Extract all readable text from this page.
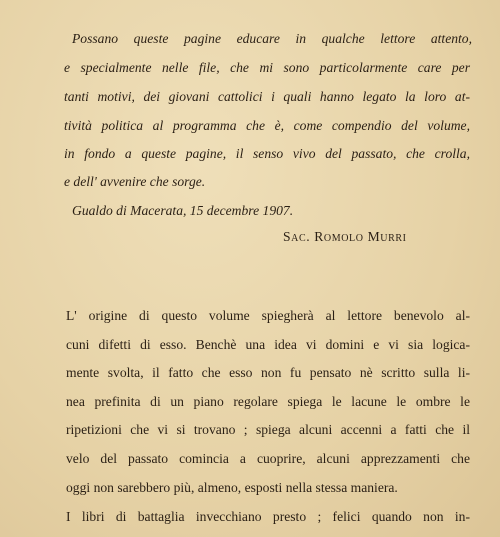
Possano queste pagine educare in qualche lettore attento,
e specialmente nelle file, che mi sono particolarmente care per
tanti motivi, dei giovani cattolici i quali hanno legato la loro at-
tività politica al programma che è, come compendio del volume,
in fondo a queste pagine, il senso vivo del passato, che crolla,
e dell' avvenire che sorge.
Gualdo di Macerata, 15 decembre 1907.
Sac. Romolo Murri
L' origine di questo volume spiegherà al lettore benevolo al-
cuni difetti di esso. Benchè una idea vi domini e vi sia logica-
mente svolta, il fatto che esso non fu pensato nè scritto sulla li-
nea prefinita di un piano regolare spiega le lacune le ombre le
ripetizioni che vi si trovano ; spiega alcuni accenni a fatti che il
velo del passato comincia a cuoprire, alcuni apprezzamenti che
oggi non sarebbero più, almeno, esposti nella stessa maniera.
I libri di battaglia invecchiano presto ; felici quando non in-
